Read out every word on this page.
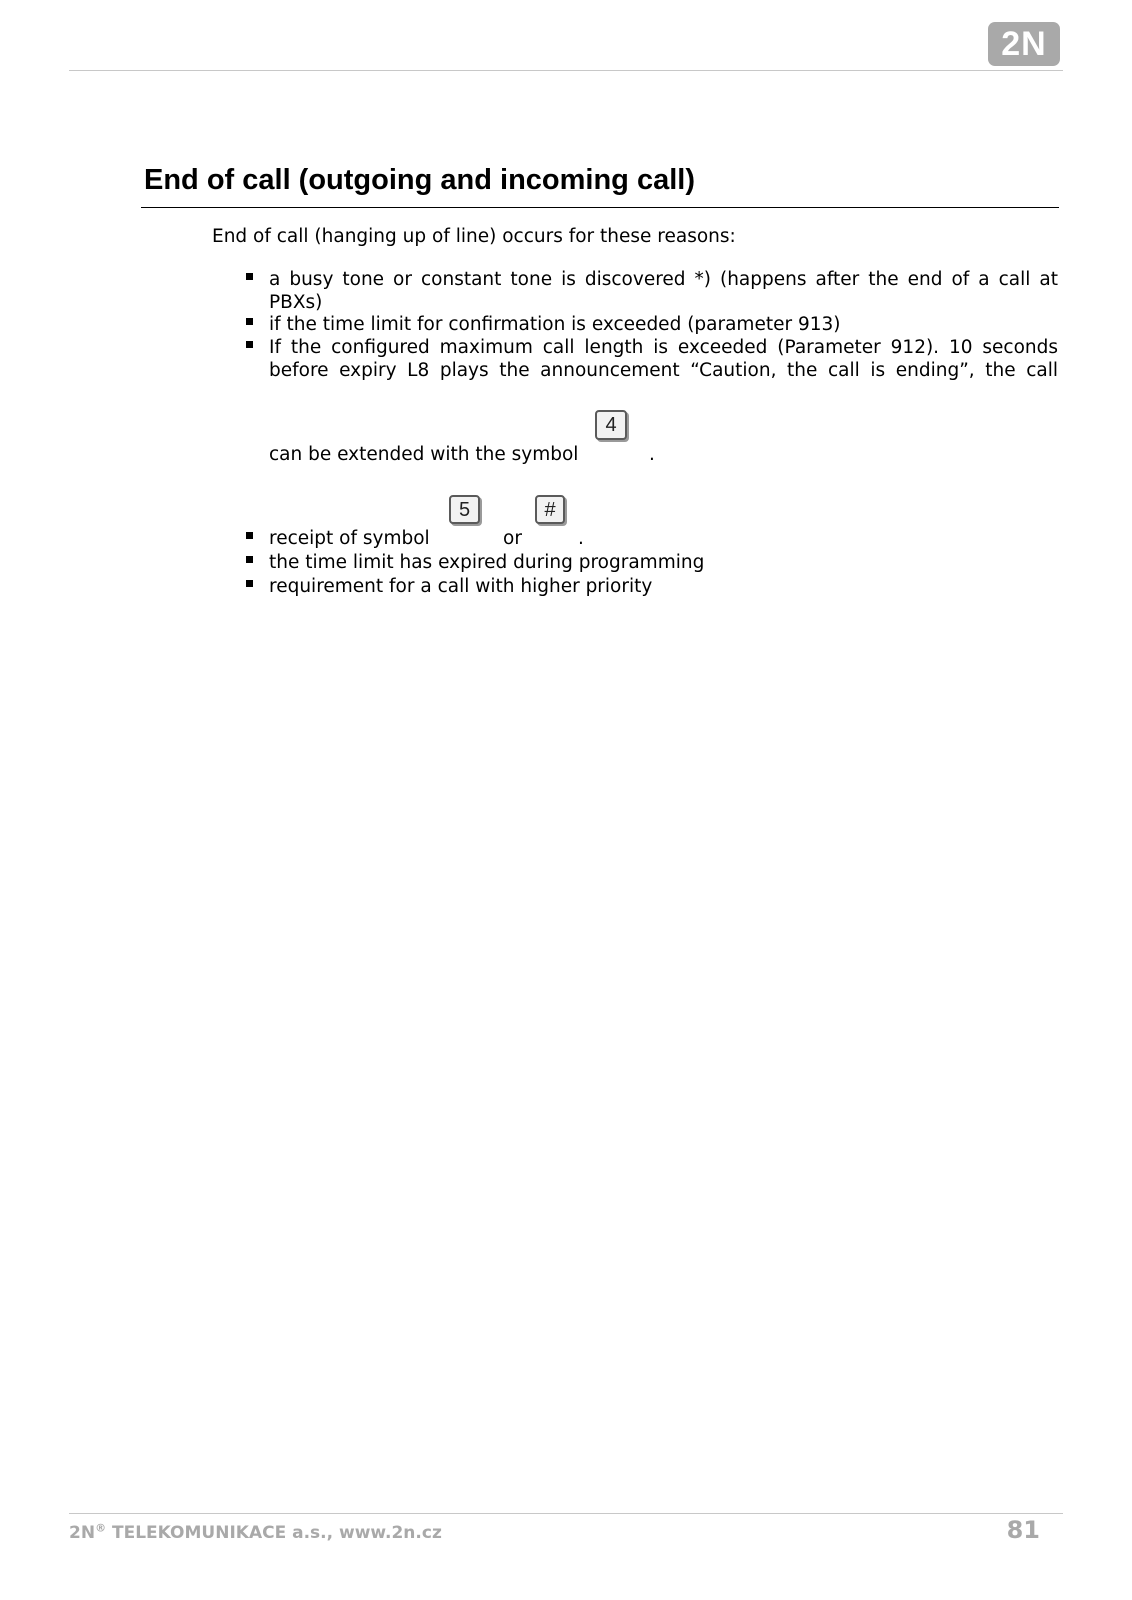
2N
End of call (outgoing and incoming call)
End of call (hanging up of line) occurs for these reasons:
a busy tone or constant tone is discovered *) (happens after the end of a call at
PBXs)
if the time limit for confirmation is exceeded (parameter 913)
If the configured maximum call length is exceeded (Parameter 912). 10 seconds
before expiry L8 plays the announcement “Caution, the call is ending”, the call
4
can be extended with the symbol	.
5	#
receipt of symbol	or	.
the time limit has expired during programming
requirement for a call with higher priority
2N® TELEKOMUNIKACE a.s., www.2n.cz	81
